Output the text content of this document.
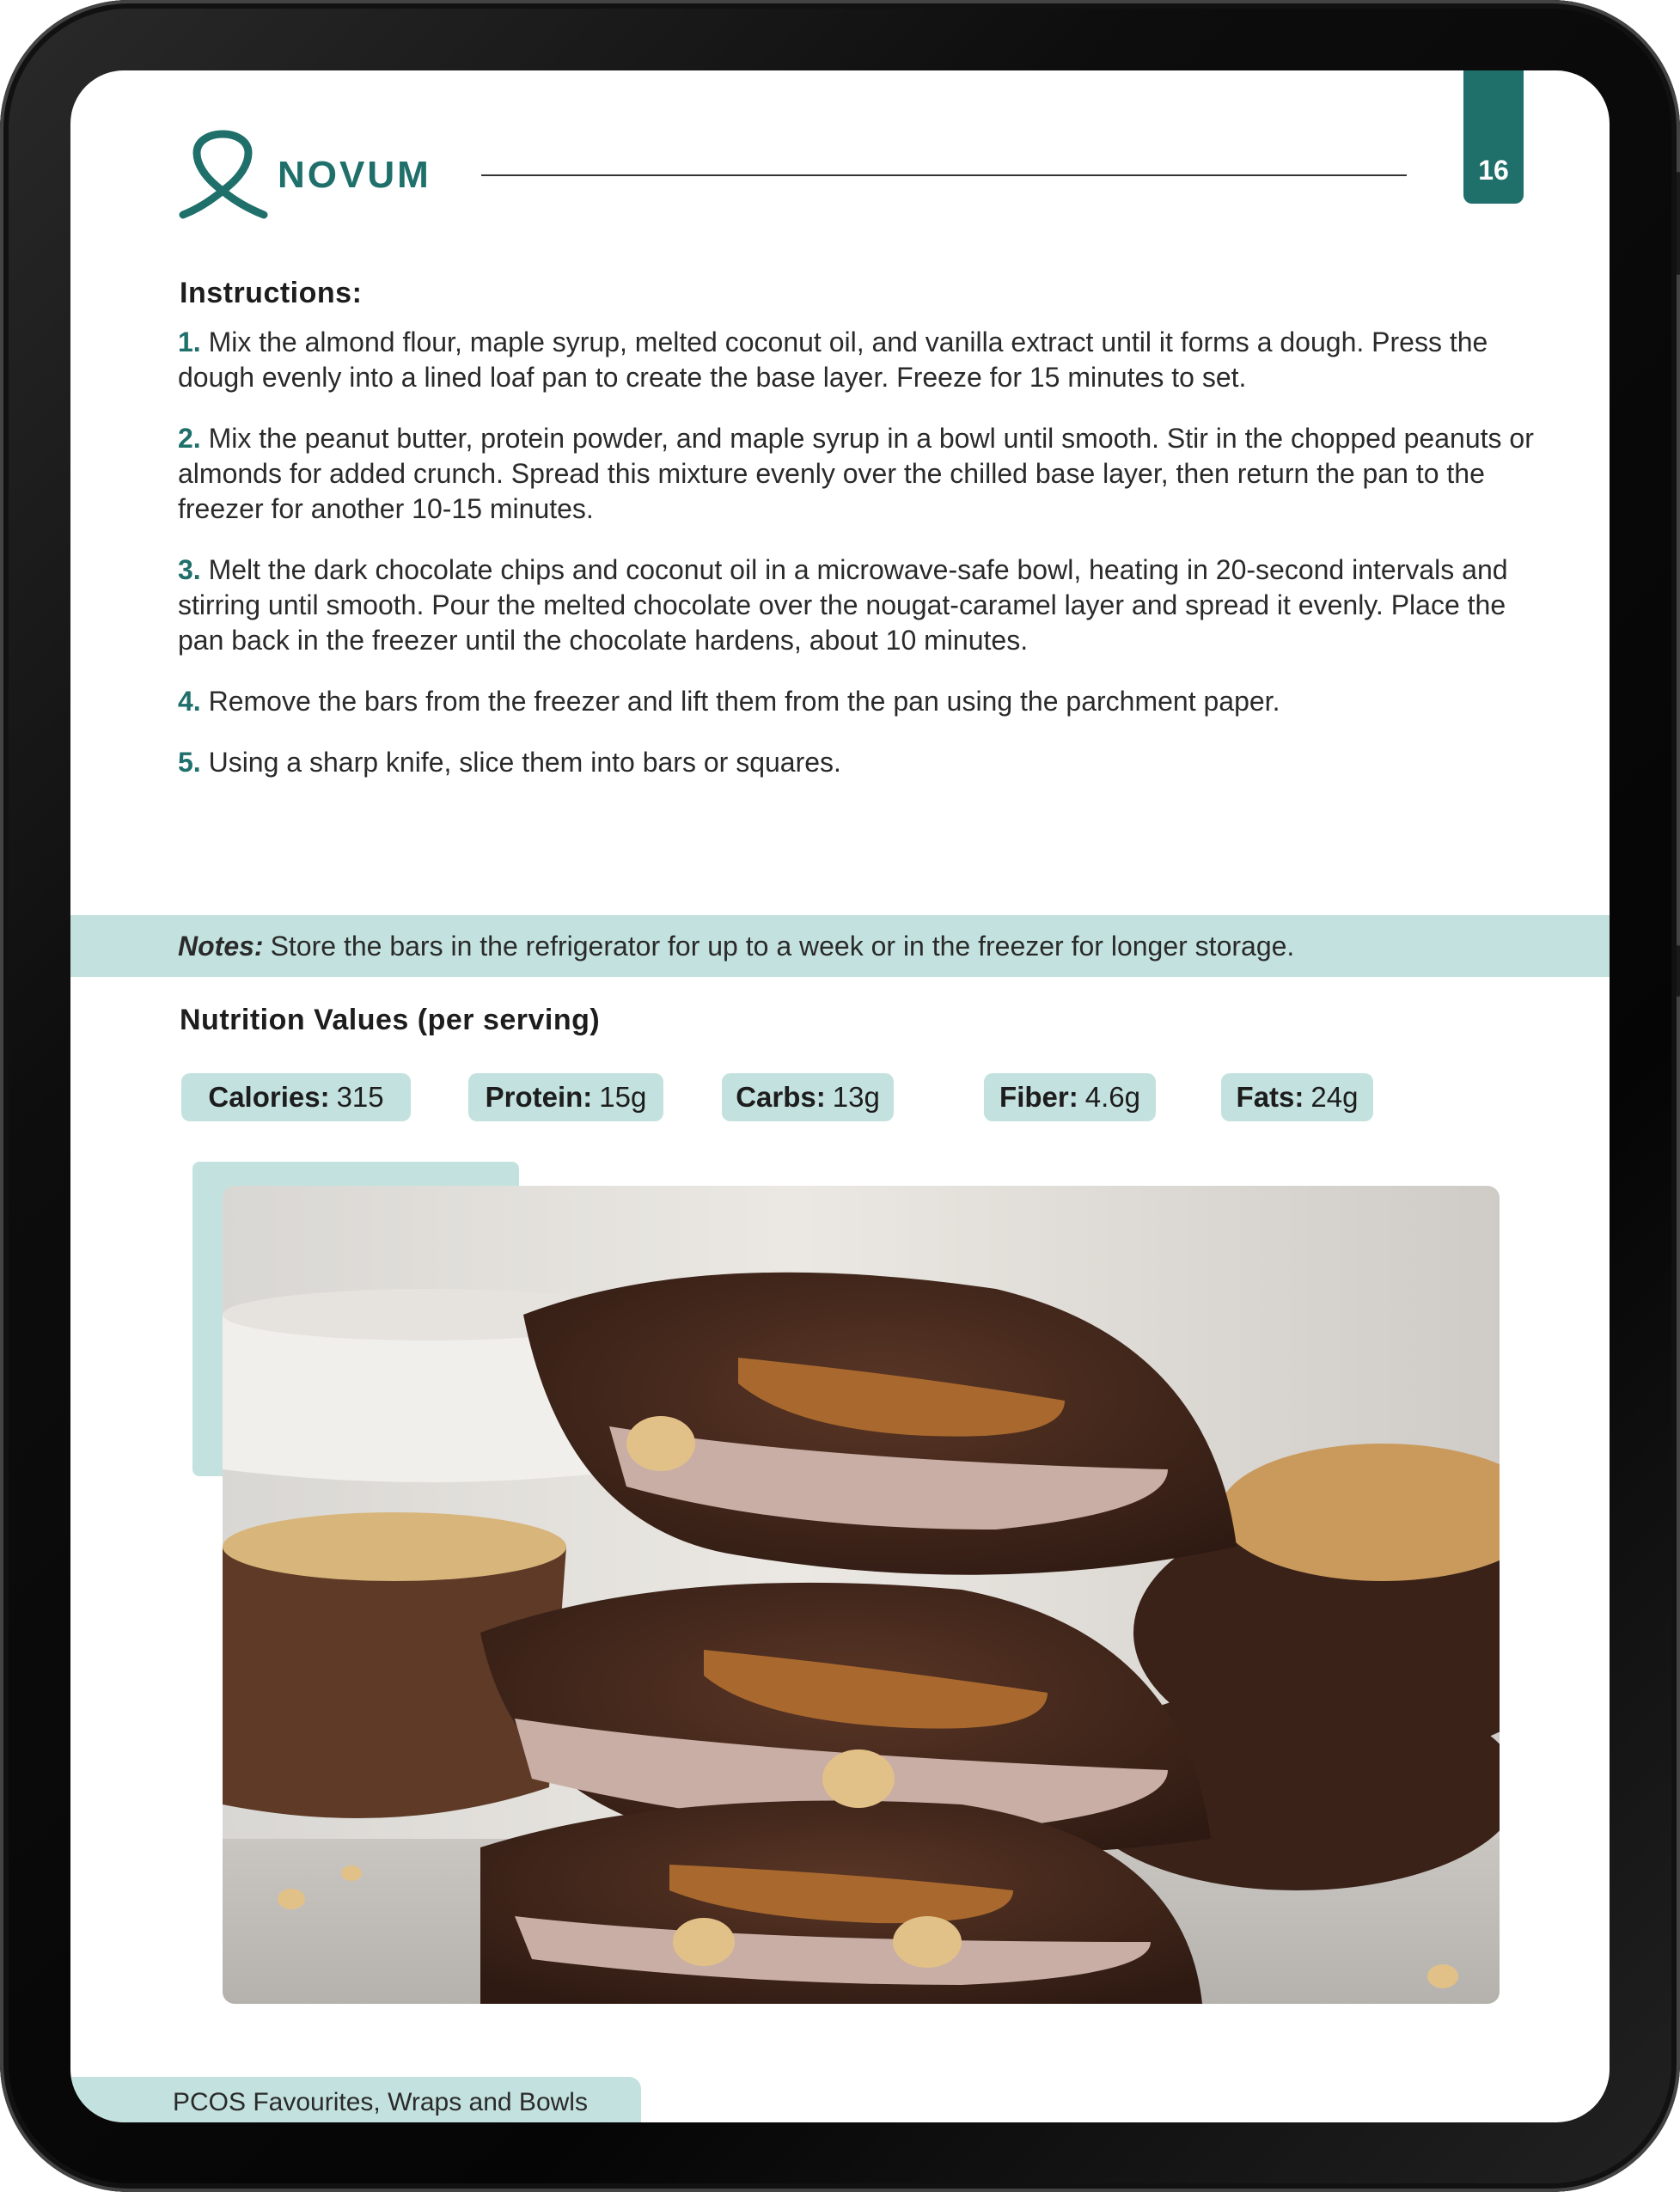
NOVUM	16
Instructions:

1. Mix the almond flour, maple syrup, melted coconut oil, and vanilla extract until it forms a dough. Press the dough evenly into a lined loaf pan to create the base layer. Freeze for 15 minutes to set.

2. Mix the peanut butter, protein powder, and maple syrup in a bowl until smooth. Stir in the chopped peanuts or almonds for added crunch. Spread this mixture evenly over the chilled base layer, then return the pan to the freezer for another 10-15 minutes.

3. Melt the dark chocolate chips and coconut oil in a microwave-safe bowl, heating in 20-second intervals and stirring until smooth. Pour the melted chocolate over the nougat-caramel layer and spread it evenly. Place the pan back in the freezer until the chocolate hardens, about 10 minutes.

4. Remove the bars from the freezer and lift them from the pan using the parchment paper.

5. Using a sharp knife, slice them into bars or squares.

Notes: Store the bars in the refrigerator for up to a week or in the freezer for longer storage.
Nutrition Values (per serving)
Calories: 315	Protein: 15g	Carbs: 13g	Fiber: 4.6g	Fats: 24g
PCOS Favourites, Wraps and Bowls
